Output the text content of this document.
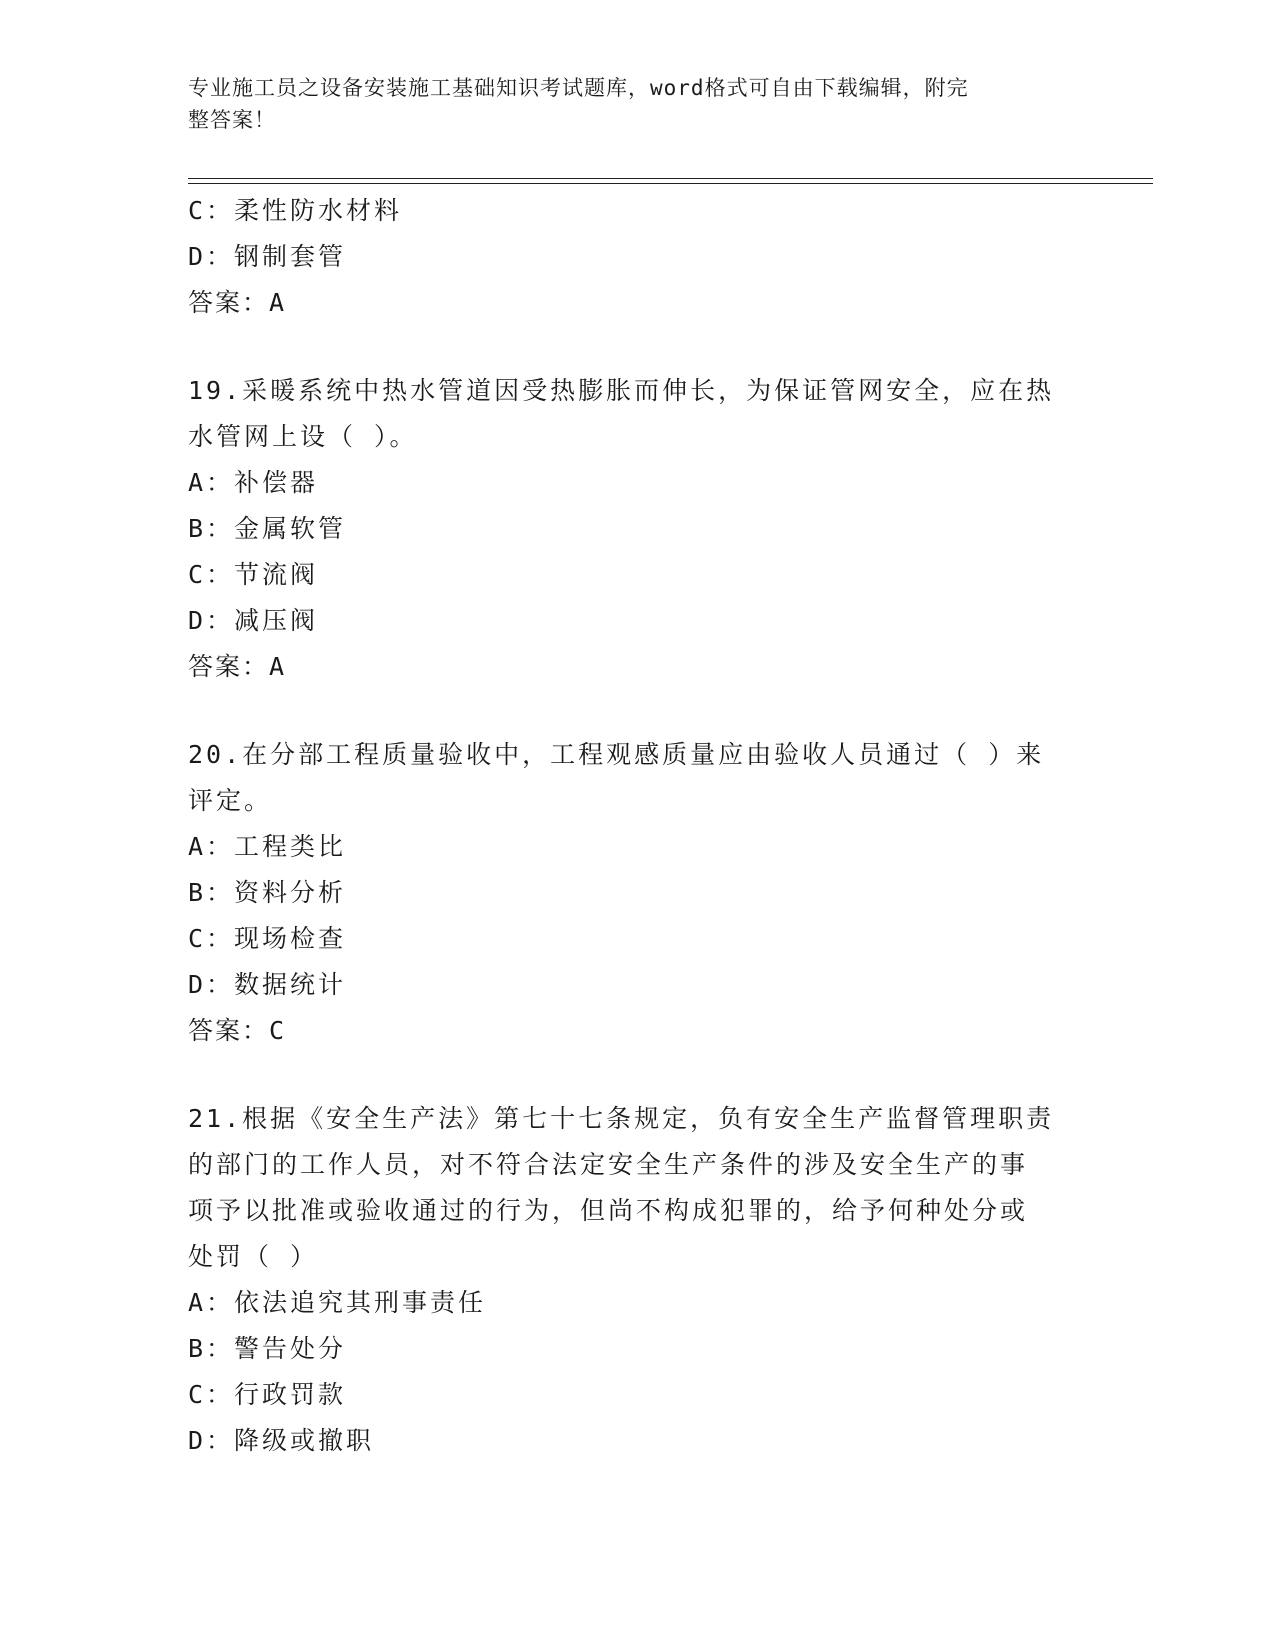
专业施工员之设备安装施工基础知识考试题库，word格式可自由下载编辑，附完
整答案！
C：柔性防水材料
D：钢制套管
答案：A
19.采暖系统中热水管道因受热膨胀而伸长，为保证管网安全，应在热
水管网上设（ ）。
A：补偿器
B：金属软管
C：节流阀
D：减压阀
答案：A
20.在分部工程质量验收中，工程观感质量应由验收人员通过（ ）来
评定。
A：工程类比
B：资料分析
C：现场检查
D：数据统计
答案：C
21.根据《安全生产法》第七十七条规定，负有安全生产监督管理职责
的部门的工作人员，对不符合法定安全生产条件的涉及安全生产的事
项予以批准或验收通过的行为，但尚不构成犯罪的，给予何种处分或
处罚（ ）
A：依法追究其刑事责任
B：警告处分
C：行政罚款
D：降级或撤职
